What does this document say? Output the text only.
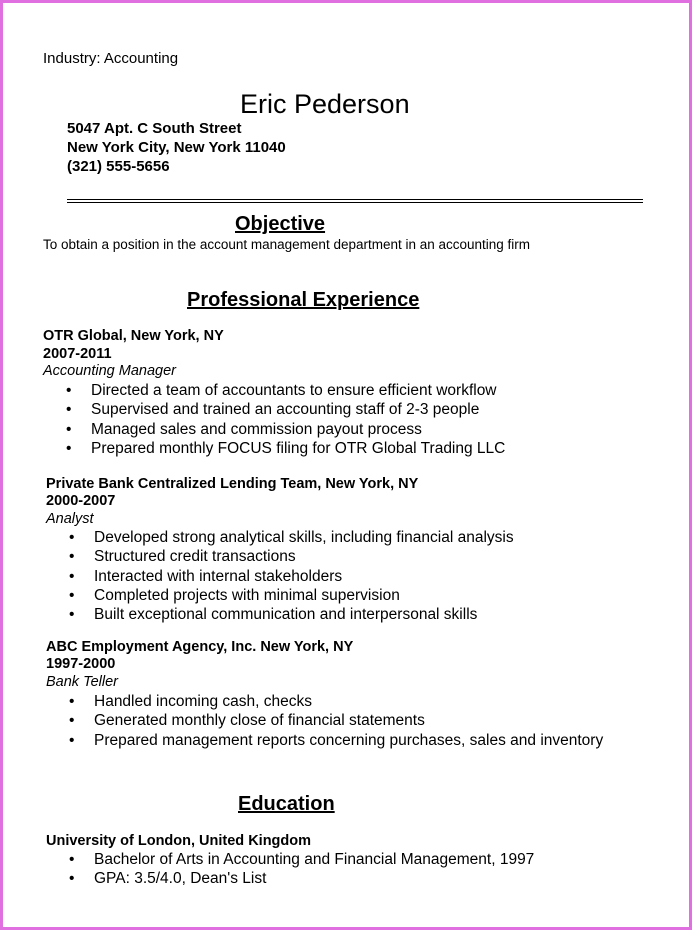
Industry: Accounting
Eric Pederson
5047 Apt. C South Street
New York City, New York 11040
(321) 555-5656
Objective
To obtain a position in the account management department in an accounting firm
Professional Experience
OTR Global, New York, NY
2007-2011
Accounting Manager
• Directed a team of accountants to ensure efficient workflow
• Supervised and trained an accounting staff of 2-3 people
• Managed sales and commission payout process
• Prepared monthly FOCUS filing for OTR Global Trading LLC
Private Bank Centralized Lending Team, New York, NY
2000-2007
Analyst
• Developed strong analytical skills, including financial analysis
• Structured credit transactions
• Interacted with internal stakeholders
• Completed projects with minimal supervision
• Built exceptional communication and interpersonal skills
ABC Employment Agency, Inc. New York, NY
1997-2000
Bank Teller
• Handled incoming cash, checks
• Generated monthly close of financial statements
• Prepared management reports concerning purchases, sales and inventory
Education
University of London, United Kingdom
• Bachelor of Arts in Accounting and Financial Management, 1997
• GPA: 3.5/4.0, Dean's List
